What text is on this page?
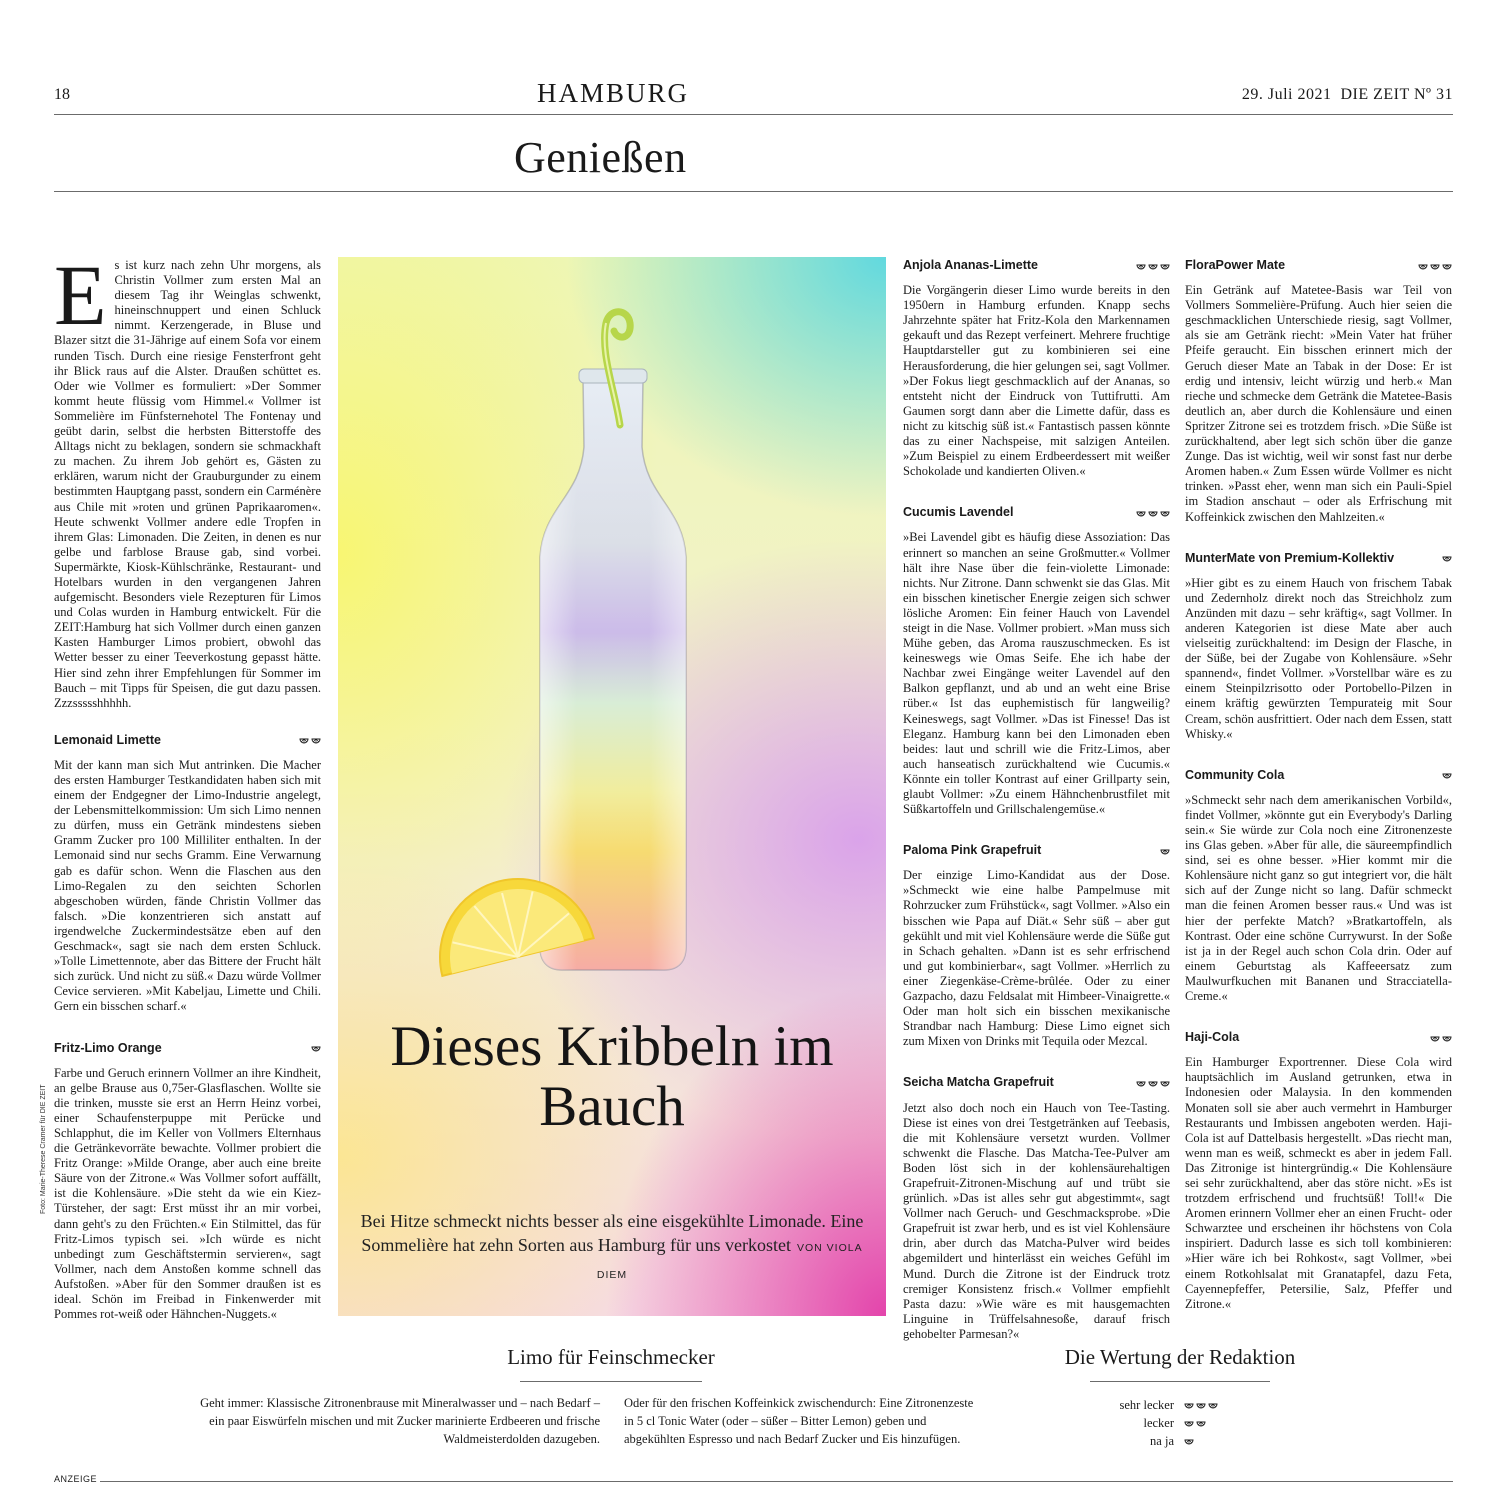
18	HAMBURG	29. Juli 2021 DIE ZEIT Nº 31
Genießen

Es ist kurz nach zehn Uhr morgens, als Christin Vollmer zum ersten Mal an diesem Tag ihr Weinglas schwenkt, hineinschnuppert und einen Schluck nimmt. Kerzengerade, in Bluse und Blazer sitzt die 31-Jährige auf einem Sofa vor einem runden Tisch. Durch eine riesige Fensterfront geht ihr Blick raus auf die Alster. Draußen schüttet es. Oder wie Vollmer es formuliert: »Der Sommer kommt heute flüssig vom Himmel.« Vollmer ist Sommelière im Fünfsternehotel The Fontenay und geübt darin, selbst die herbsten Bitterstoffe des Alltags nicht zu beklagen, sondern sie schmackhaft zu machen. Zu ihrem Job gehört es, Gästen zu erklären, warum nicht der Grauburgunder zu einem bestimmten Hauptgang passt, sondern ein Carménère aus Chile mit »roten und grünen Paprikaaromen«. Heute schwenkt Vollmer andere edle Tropfen in ihrem Glas: Limonaden. Die Zeiten, in denen es nur gelbe und farblose Brause gab, sind vorbei. Supermärkte, Kiosk-Kühlschränke, Restaurant- und Hotelbars wurden in den vergangenen Jahren aufgemischt. Besonders viele Rezepturen für Limos und Colas wurden in Hamburg entwickelt. Für die ZEIT:Hamburg hat sich Vollmer durch einen ganzen Kasten Hamburger Limos probiert, obwohl das Wetter besser zu einer Teeverkostung gepasst hätte. Hier sind zehn ihrer Empfehlungen für Sommer im Bauch – mit Tipps für Speisen, die gut dazu passen. Zzzssssshhhhh.

Lemonaid Limette

Mit der kann man sich Mut antrinken. Die Macher des ersten Hamburger Testkandidaten haben sich mit einem der Endgegner der Limo-Industrie angelegt, der Lebensmittelkommission: Um sich Limo nennen zu dürfen, muss ein Getränk mindestens sieben Gramm Zucker pro 100 Milliliter enthalten. In der Lemonaid sind nur sechs Gramm. Eine Verwarnung gab es dafür schon. Wenn die Flaschen aus den Limo-Regalen zu den seichten Schorlen abgeschoben würden, fände Christin Vollmer das falsch. »Die konzentrieren sich anstatt auf irgendwelche Zuckermindestsätze eben auf den Geschmack«, sagt sie nach dem ersten Schluck. »Tolle Limettennote, aber das Bittere der Frucht hält sich zurück. Und nicht zu süß.« Dazu würde Vollmer Cevice servieren. »Mit Kabeljau, Limette und Chili. Gern ein bisschen scharf.«

Fritz-Limo Orange

Farbe und Geruch erinnern Vollmer an ihre Kindheit, an gelbe Brause aus 0,75er-Glasflaschen. Wollte sie die trinken, musste sie erst an Herrn Heinz vorbei, einer Schaufensterpuppe mit Perücke und Schlapphut, die im Keller von Vollmers Elternhaus die Getränkevorräte bewachte. Vollmer probiert die Fritz Orange: »Milde Orange, aber auch eine breite Säure von der Zitrone.« Was Vollmer sofort auffällt, ist die Kohlensäure. »Die steht da wie ein Kiez-Türsteher, der sagt: Erst müsst ihr an mir vorbei, dann geht's zu den Früchten.« Ein Stilmittel, das für Fritz-Limos typisch sei. »Ich würde es nicht unbedingt zum Geschäftstermin servieren«, sagt Vollmer, nach dem Anstoßen komme schnell das Aufstoßen. »Aber für den Sommer draußen ist es ideal. Schön im Freibad in Finkenwerder mit Pommes rot-weiß oder Hähnchen-Nuggets.«

Foto: Marie-Therese Cramer für DIE ZEIT
Dieses Kribbeln im Bauch
Bei Hitze schmeckt nichts besser als eine eisgekühlte Limonade. Eine Sommelière hat zehn Sorten aus Hamburg für uns verkostet VON VIOLA DIEM
Anjola Ananas-Limette

Die Vorgängerin dieser Limo wurde bereits in den 1950ern in Hamburg erfunden. Knapp sechs Jahrzehnte später hat Fritz-Kola den Markennamen gekauft und das Rezept verfeinert. Mehrere fruchtige Hauptdarsteller gut zu kombinieren sei eine Herausforderung, die hier gelungen sei, sagt Vollmer. »Der Fokus liegt geschmacklich auf der Ananas, so entsteht nicht der Eindruck von Tuttifrutti. Am Gaumen sorgt dann aber die Limette dafür, dass es nicht zu kitschig süß ist.« Fantastisch passen könnte das zu einer Nachspeise, mit salzigen Anteilen. »Zum Beispiel zu einem Erdbeerdessert mit weißer Schokolade und kandierten Oliven.«

Cucumis Lavendel

»Bei Lavendel gibt es häufig diese Assoziation: Das erinnert so manchen an seine Großmutter.« Vollmer hält ihre Nase über die fein-violette Limonade: nichts. Nur Zitrone. Dann schwenkt sie das Glas. Mit ein bisschen kinetischer Energie zeigen sich schwer lösliche Aromen: Ein feiner Hauch von Lavendel steigt in die Nase. Vollmer probiert. »Man muss sich Mühe geben, das Aroma rauszuschmecken. Es ist keineswegs wie Omas Seife. Ehe ich habe der Nachbar zwei Eingänge weiter Lavendel auf den Balkon gepflanzt, und ab und an weht eine Brise rüber.« Ist das euphemistisch für langweilig? Keineswegs, sagt Vollmer. »Das ist Finesse! Das ist Eleganz. Hamburg kann bei den Limonaden eben beides: laut und schrill wie die Fritz-Limos, aber auch hanseatisch zurückhaltend wie Cucumis.« Könnte ein toller Kontrast auf einer Grillparty sein, glaubt Vollmer: »Zu einem Hähnchenbrustfilet mit Süßkartoffeln und Grillschalengemüse.«

Paloma Pink Grapefruit

Der einzige Limo-Kandidat aus der Dose. »Schmeckt wie eine halbe Pampelmuse mit Rohrzucker zum Frühstück«, sagt Vollmer. »Also ein bisschen wie Papa auf Diät.« Sehr süß – aber gut gekühlt und mit viel Kohlensäure werde die Süße gut in Schach gehalten. »Dann ist es sehr erfrischend und gut kombinierbar«, sagt Vollmer. »Herrlich zu einer Ziegenkäse-Crème-brûlée. Oder zu einer Gazpacho, dazu Feldsalat mit Himbeer-Vinaigrette.« Oder man holt sich ein bisschen mexikanische Strandbar nach Hamburg: Diese Limo eignet sich zum Mixen von Drinks mit Tequila oder Mezcal.

Seicha Matcha Grapefruit

Jetzt also doch noch ein Hauch von Tee-Tasting. Diese ist eines von drei Testgetränken auf Teebasis, die mit Kohlensäure versetzt wurden. Vollmer schwenkt die Flasche. Das Matcha-Tee-Pulver am Boden löst sich in der kohlensäurehaltigen Grapefruit-Zitronen-Mischung auf und trübt sie grünlich. »Das ist alles sehr gut abgestimmt«, sagt Vollmer nach Geruch- und Geschmacksprobe. »Die Grapefruit ist zwar herb, und es ist viel Kohlensäure drin, aber durch das Matcha-Pulver wird beides abgemildert und hinterlässt ein weiches Gefühl im Mund. Durch die Zitrone ist der Eindruck trotz cremiger Konsistenz frisch.« Vollmer empfiehlt Pasta dazu: »Wie wäre es mit hausgemachten Linguine in Trüffelsahnesoße, darauf frisch gehobelter Parmesan?«

FloraPower Mate

Ein Getränk auf Matetee-Basis war Teil von Vollmers Sommelière-Prüfung. Auch hier seien die geschmacklichen Unterschiede riesig, sagt Vollmer, als sie am Getränk riecht: »Mein Vater hat früher Pfeife geraucht. Ein bisschen erinnert mich der Geruch dieser Mate an Tabak in der Dose: Er ist erdig und intensiv, leicht würzig und herb.« Man rieche und schmecke dem Getränk die Matetee-Basis deutlich an, aber durch die Kohlensäure und einen Spritzer Zitrone sei es trotzdem frisch. »Die Süße ist zurückhaltend, aber legt sich schön über die ganze Zunge. Das ist wichtig, weil wir sonst fast nur derbe Aromen haben.« Zum Essen würde Vollmer es nicht trinken. »Passt eher, wenn man sich ein Pauli-Spiel im Stadion anschaut – oder als Erfrischung mit Koffeinkick zwischen den Mahlzeiten.«

MunterMate von Premium-Kollektiv

»Hier gibt es zu einem Hauch von frischem Tabak und Zedernholz direkt noch das Streichholz zum Anzünden mit dazu – sehr kräftig«, sagt Vollmer. In anderen Kategorien ist diese Mate aber auch vielseitig zurückhaltend: im Design der Flasche, in der Süße, bei der Zugabe von Kohlensäure. »Sehr spannend«, findet Vollmer. »Vorstellbar wäre es zu einem Steinpilzrisotto oder Portobello-Pilzen in einem kräftig gewürzten Tempurateig mit Sour Cream, schön ausfrittiert. Oder nach dem Essen, statt Whisky.«

Community Cola

»Schmeckt sehr nach dem amerikanischen Vorbild«, findet Vollmer, »könnte gut ein Everybody's Darling sein.« Sie würde zur Cola noch eine Zitronenzeste ins Glas geben. »Aber für alle, die säureempfindlich sind, sei es ohne besser. »Hier kommt mir die Kohlensäure nicht ganz so gut integriert vor, die hält sich auf der Zunge nicht so lang. Dafür schmeckt man die feinen Aromen besser raus.« Und was ist hier der perfekte Match? »Bratkartoffeln, als Kontrast. Oder eine schöne Currywurst. In der Soße ist ja in der Regel auch schon Cola drin. Oder auf einem Geburtstag als Kaffeeersatz zum Maulwurfkuchen mit Bananen und Stracciatella-Creme.«

Haji-Cola

Ein Hamburger Exportrenner. Diese Cola wird hauptsächlich im Ausland getrunken, etwa in Indonesien oder Malaysia. In den kommenden Monaten soll sie aber auch vermehrt in Hamburger Restaurants und Imbissen angeboten werden. Haji-Cola ist auf Dattelbasis hergestellt. »Das riecht man, wenn man es weiß, schmeckt es aber in jedem Fall. Das Zitronige ist hintergründig.« Die Kohlensäure sei sehr zurückhaltend, aber das störe nicht. »Es ist trotzdem erfrischend und fruchtsüß! Toll!« Die Aromen erinnern Vollmer eher an einen Frucht- oder Schwarztee und erscheinen ihr höchstens von Cola inspiriert. Dadurch lasse es sich toll kombinieren: »Hier wäre ich bei Rohkost«, sagt Vollmer, »bei einem Rotkohlsalat mit Granatapfel, dazu Feta, Cayennepfeffer, Petersilie, Salz, Pfeffer und Zitrone.«

Limo für Feinschmecker
Geht immer: Klassische Zitronenbrause mit Mineralwasser und – nach Bedarf – ein paar Eiswürfeln mischen und mit Zucker marinierte Erdbeeren und frische Waldmeisterdolden dazugeben.
Oder für den frischen Koffeinkick zwischendurch: Eine Zitronenzeste in 5 cl Tonic Water (oder – süßer – Bitter Lemon) geben und abgekühlten Espresso und nach Bedarf Zucker und Eis hinzufügen.
Die Wertung der Redaktion
sehr lecker
lecker
na ja
ANZEIGE
